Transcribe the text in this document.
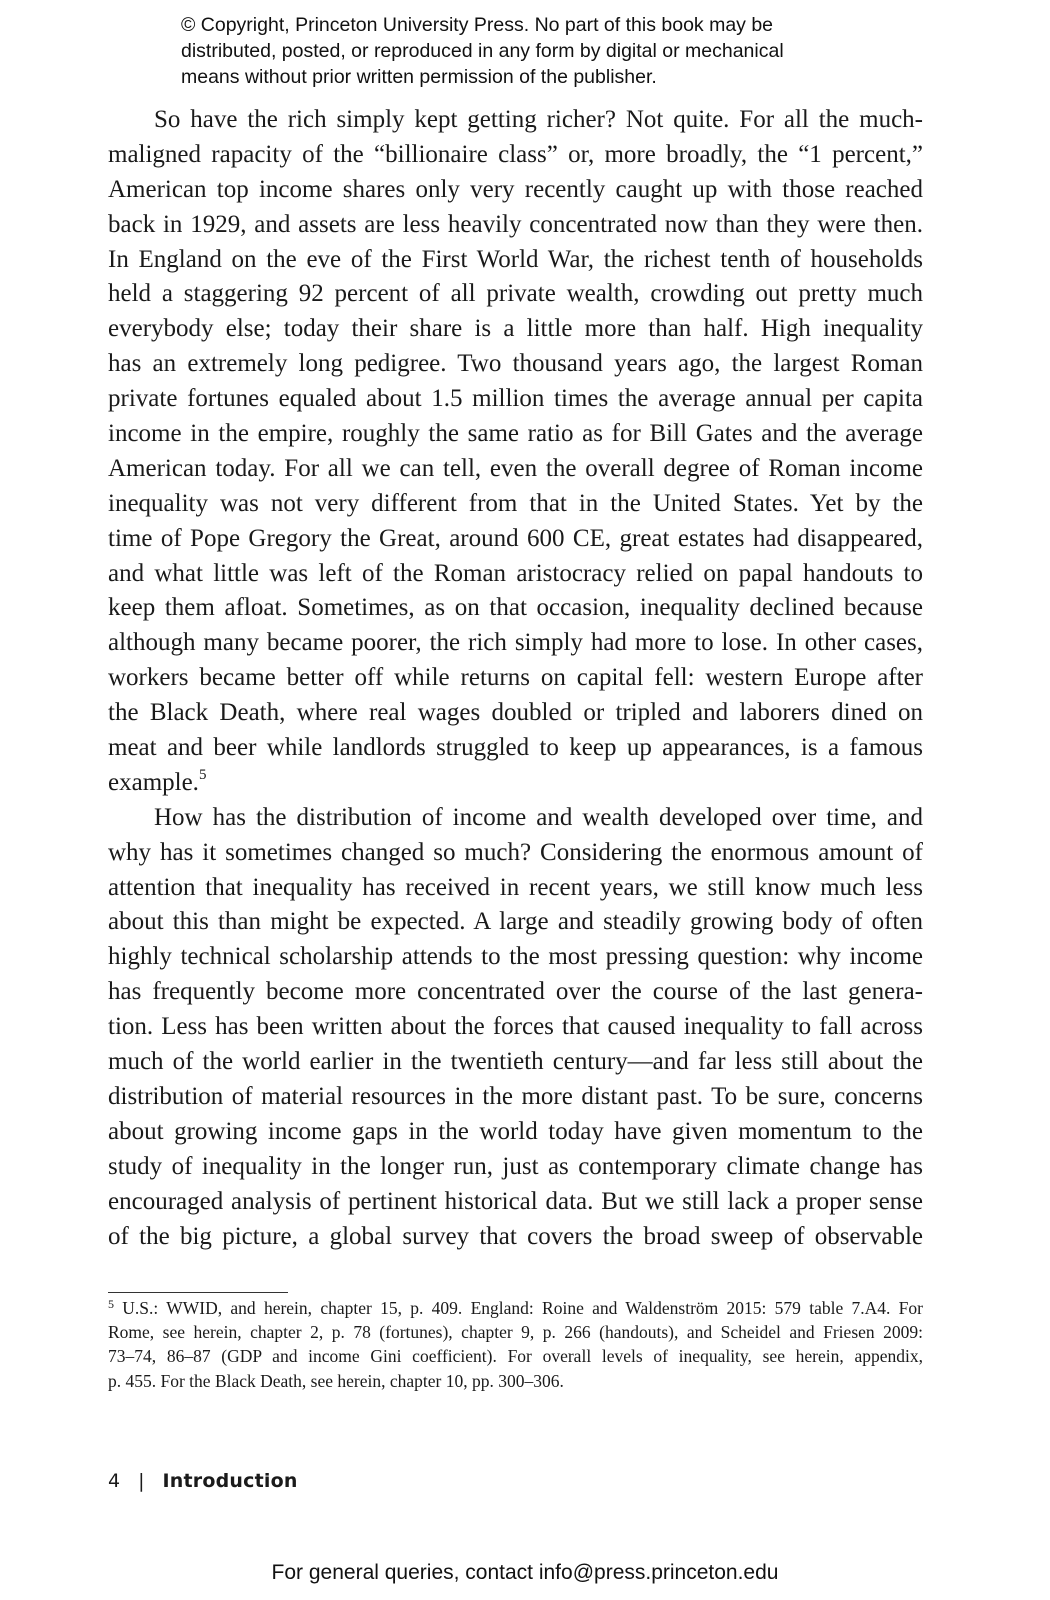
© Copyright, Princeton University Press. No part of this book may be

distributed, posted, or reproduced in any form by digital or mechanical

means without prior written permission of the publisher.

So have the rich simply kept getting richer? Not quite. For all the much-
maligned rapacity of the “billionaire class” or, more broadly, the “1 percent,”
American top income shares only very recently caught up with those reached
back in 1929, and assets are less heavily concentrated now than they were then.
In England on the eve of the First World War, the richest tenth of households
held a staggering 92 percent of all private wealth, crowding out pretty much
everybody else; today their share is a little more than half. High inequality
has an extremely long pedigree. Two thousand years ago, the largest Roman
private fortunes equaled about 1.5 million times the average annual per capita
income in the empire, roughly the same ratio as for Bill Gates and the average
American today. For all we can tell, even the overall degree of Roman income
inequality was not very different from that in the United States. Yet by the
time of Pope Gregory the Great, around 600 CE, great estates had disappeared,
and what little was left of the Roman aristocracy relied on papal handouts to
keep them afloat. Sometimes, as on that occasion, inequality declined because
although many became poorer, the rich simply had more to lose. In other cases,
workers became better off while returns on capital fell: western Europe after
the Black Death, where real wages doubled or tripled and laborers dined on
meat and beer while landlords struggled to keep up appearances, is a famous
example.$^5$
How has the distribution of income and wealth developed over time, and
why has it sometimes changed so much? Considering the enormous amount of
attention that inequality has received in recent years, we still know much less
about this than might be expected. A large and steadily growing body of often
highly technical scholarship attends to the most pressing question: why income
has frequently become more concentrated over the course of the last genera-
tion. Less has been written about the forces that caused inequality to fall across
much of the world earlier in the twentieth century—and far less still about the
distribution of material resources in the more distant past. To be sure, concerns
about growing income gaps in the world today have given momentum to the
study of inequality in the longer run, just as contemporary climate change has
encouraged analysis of pertinent historical data. But we still lack a proper sense
of the big picture, a global survey that covers the broad sweep of observable
$^5$ U.S.: WWID, and herein, chapter 15, p. 409. England: Roine and Waldenström 2015: 579 table 7.A4. For
Rome, see herein, chapter 2, p. 78 (fortunes), chapter 9, p. 266 (handouts), and Scheidel and Friesen 2009:
73–74, 86–87 (GDP and income Gini coefficient). For overall levels of inequality, see herein, appendix,
p. 455. For the Black Death, see herein, chapter 10, pp. 300–306.
4 | Introduction
For general queries, contact info@press.princeton.edu
